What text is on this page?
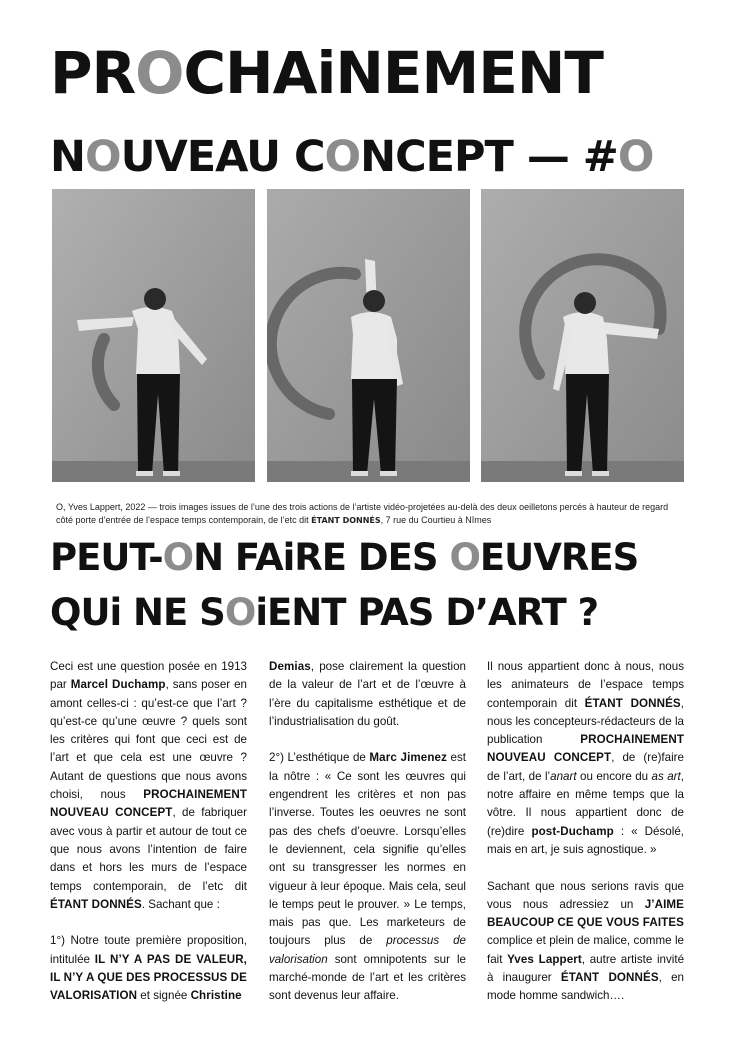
PROCHAiNEMENT
NOUVEAU CONCEPT — #O

O, Yves Lappert, 2022 — trois images issues de l’une des trois actions de l’artiste vidéo-projetées au-delà des deux oeilletons percés à hauteur de regard côté porte d’entrée de l’espace temps contemporain, de l’etc dit ÉTANT DONNÉS, 7 rue du Courtieu à Nîmes

PEUT-ON FAiRE DES OEUVRES
QUi NE SOiENT PAS D’ART ?

Ceci est une question posée en 1913 par Marcel Duchamp, sans poser en amont celles-ci : qu’est-ce que l’art ? qu’est-ce qu’une œuvre ? quels sont les critères qui font que ceci est de l’art et que cela est une œuvre ? Autant de questions que nous avons choisi, nous PROCHAINEMENT NOUVEAU CONCEPT, de fabriquer avec vous à partir et autour de tout ce que nous avons l’intention de faire dans et hors les murs de l’espace temps contemporain, de l’etc dit ÉTANT DONNÉS. Sachant que :

1°) Notre toute première proposition, intitulée IL N’Y A PAS DE VALEUR, IL N’Y A QUE DES PROCESSUS DE VALORISATION et signée Christine

Demias, pose clairement la question de la valeur de l’art et de l’œuvre à l’ère du capitalisme esthétique et de l’industrialisation du goût.

2°) L’esthétique de Marc Jimenez est la nôtre : « Ce sont les œuvres qui engendrent les critères et non pas l’inverse. Toutes les oeuvres ne sont pas des chefs d’oeuvre. Lorsqu’elles le deviennent, cela signifie qu’elles ont su transgresser les normes en vigueur à leur époque. Mais cela, seul le temps peut le prouver. » Le temps, mais pas que. Les marketeurs de toujours plus de processus de valorisation sont omnipotents sur le marché-monde de l’art et les critères sont devenus leur affaire.

Il nous appartient donc à nous, nous les animateurs de l’espace temps contemporain dit ÉTANT DONNÉS, nous les concepteurs-rédacteurs de la publication PROCHAINEMENT NOUVEAU CONCEPT, de (re)faire de l’art, de l’anart ou encore du as art, notre affaire en même temps que la vôtre. Il nous appartient donc de (re)dire post-Duchamp : « Désolé, mais en art, je suis agnostique. »

Sachant que nous serions ravis que vous nous adressiez un J’AIME BEAUCOUP CE QUE VOUS FAITES complice et plein de malice, comme le fait Yves Lappert, autre artiste invité à inaugurer ÉTANT DONNÉS, en mode homme sandwich….
